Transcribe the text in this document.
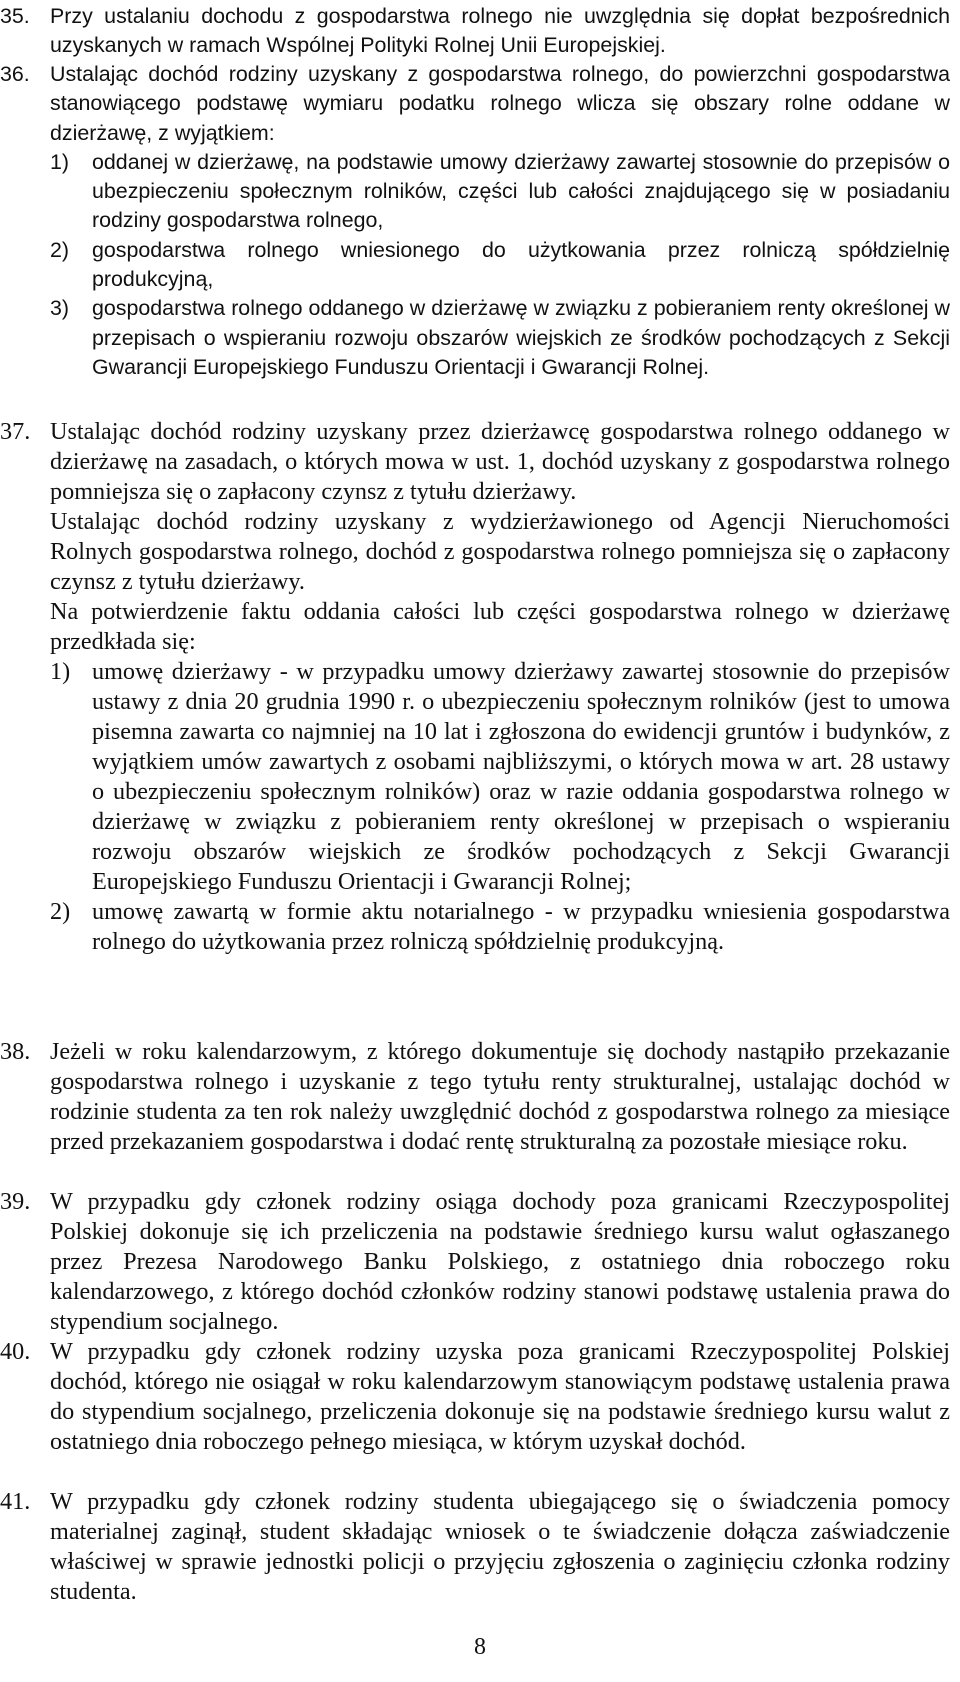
35. Przy ustalaniu dochodu z gospodarstwa rolnego nie uwzględnia się dopłat bezpośrednich uzyskanych w ramach Wspólnej Polityki Rolnej Unii Europejskiej.
36. Ustalając dochód rodziny uzyskany z gospodarstwa rolnego, do powierzchni gospodarstwa stanowiącego podstawę wymiaru podatku rolnego wlicza się obszary rolne oddane w dzierżawę, z wyjątkiem:
1)	oddanej w dzierżawę, na podstawie umowy dzierżawy zawartej stosownie do przepisów o ubezpieczeniu społecznym rolników, części lub całości znajdującego się w posiadaniu rodziny gospodarstwa rolnego,
2)	gospodarstwa rolnego wniesionego do użytkowania przez rolniczą spółdzielnię produkcyjną,
3)	gospodarstwa rolnego oddanego w dzierżawę w związku z pobieraniem renty określonej w przepisach o wspieraniu rozwoju obszarów wiejskich ze środków pochodzących z Sekcji Gwarancji Europejskiego Funduszu Orientacji i Gwarancji Rolnej.
37. Ustalając dochód rodziny uzyskany przez dzierżawcę gospodarstwa rolnego oddanego w dzierżawę na zasadach, o których mowa w ust. 1, dochód uzyskany z gospodarstwa rolnego pomniejsza się o zapłacony czynsz z tytułu dzierżawy.
Ustalając dochód rodziny uzyskany z wydzierżawionego od Agencji Nieruchomości Rolnych gospodarstwa rolnego, dochód z gospodarstwa rolnego pomniejsza się o zapłacony czynsz z tytułu dzierżawy.
Na potwierdzenie faktu oddania całości lub części gospodarstwa rolnego w dzierżawę przedkłada się:
1) umowę dzierżawy - w przypadku umowy dzierżawy zawartej stosownie do przepisów ustawy z dnia 20 grudnia 1990 r. o ubezpieczeniu społecznym rolników (jest to umowa pisemna zawarta co najmniej na 10 lat i zgłoszona do ewidencji gruntów i budynków, z wyjątkiem umów zawartych z osobami najbliższymi, o których mowa w art. 28 ustawy o ubezpieczeniu społecznym rolników) oraz w razie oddania gospodarstwa rolnego w dzierżawę w związku z pobieraniem renty określonej w przepisach o wspieraniu rozwoju obszarów wiejskich ze środków pochodzących z Sekcji Gwarancji Europejskiego Funduszu Orientacji i Gwarancji Rolnej;
2) umowę zawartą w formie aktu notarialnego - w przypadku wniesienia gospodarstwa rolnego do użytkowania przez rolniczą spółdzielnię produkcyjną.
38. Jeżeli w roku kalendarzowym, z którego dokumentuje się dochody nastąpiło przekazanie gospodarstwa rolnego i uzyskanie z tego tytułu renty strukturalnej, ustalając dochód w rodzinie studenta za ten rok należy uwzględnić dochód z gospodarstwa rolnego za miesiące przed przekazaniem gospodarstwa i dodać rentę strukturalną za pozostałe miesiące roku.
39. W przypadku gdy członek rodziny osiąga dochody poza granicami Rzeczypospolitej Polskiej dokonuje się ich przeliczenia na podstawie średniego kursu walut ogłaszanego przez Prezesa Narodowego Banku Polskiego, z ostatniego dnia roboczego roku kalendarzowego, z którego dochód członków rodziny stanowi podstawę ustalenia prawa do stypendium socjalnego.
40. W przypadku gdy członek rodziny uzyska poza granicami Rzeczypospolitej Polskiej dochód, którego nie osiągał w roku kalendarzowym stanowiącym podstawę ustalenia prawa do stypendium socjalnego, przeliczenia dokonuje się na podstawie średniego kursu walut z ostatniego dnia roboczego pełnego miesiąca, w którym uzyskał dochód.
41. W przypadku gdy członek rodziny studenta ubiegającego się o świadczenia pomocy materialnej zaginął, student składając wniosek o te świadczenie dołącza zaświadczenie właściwej w sprawie jednostki policji o przyjęciu zgłoszenia o zaginięciu członka rodziny studenta.
8
